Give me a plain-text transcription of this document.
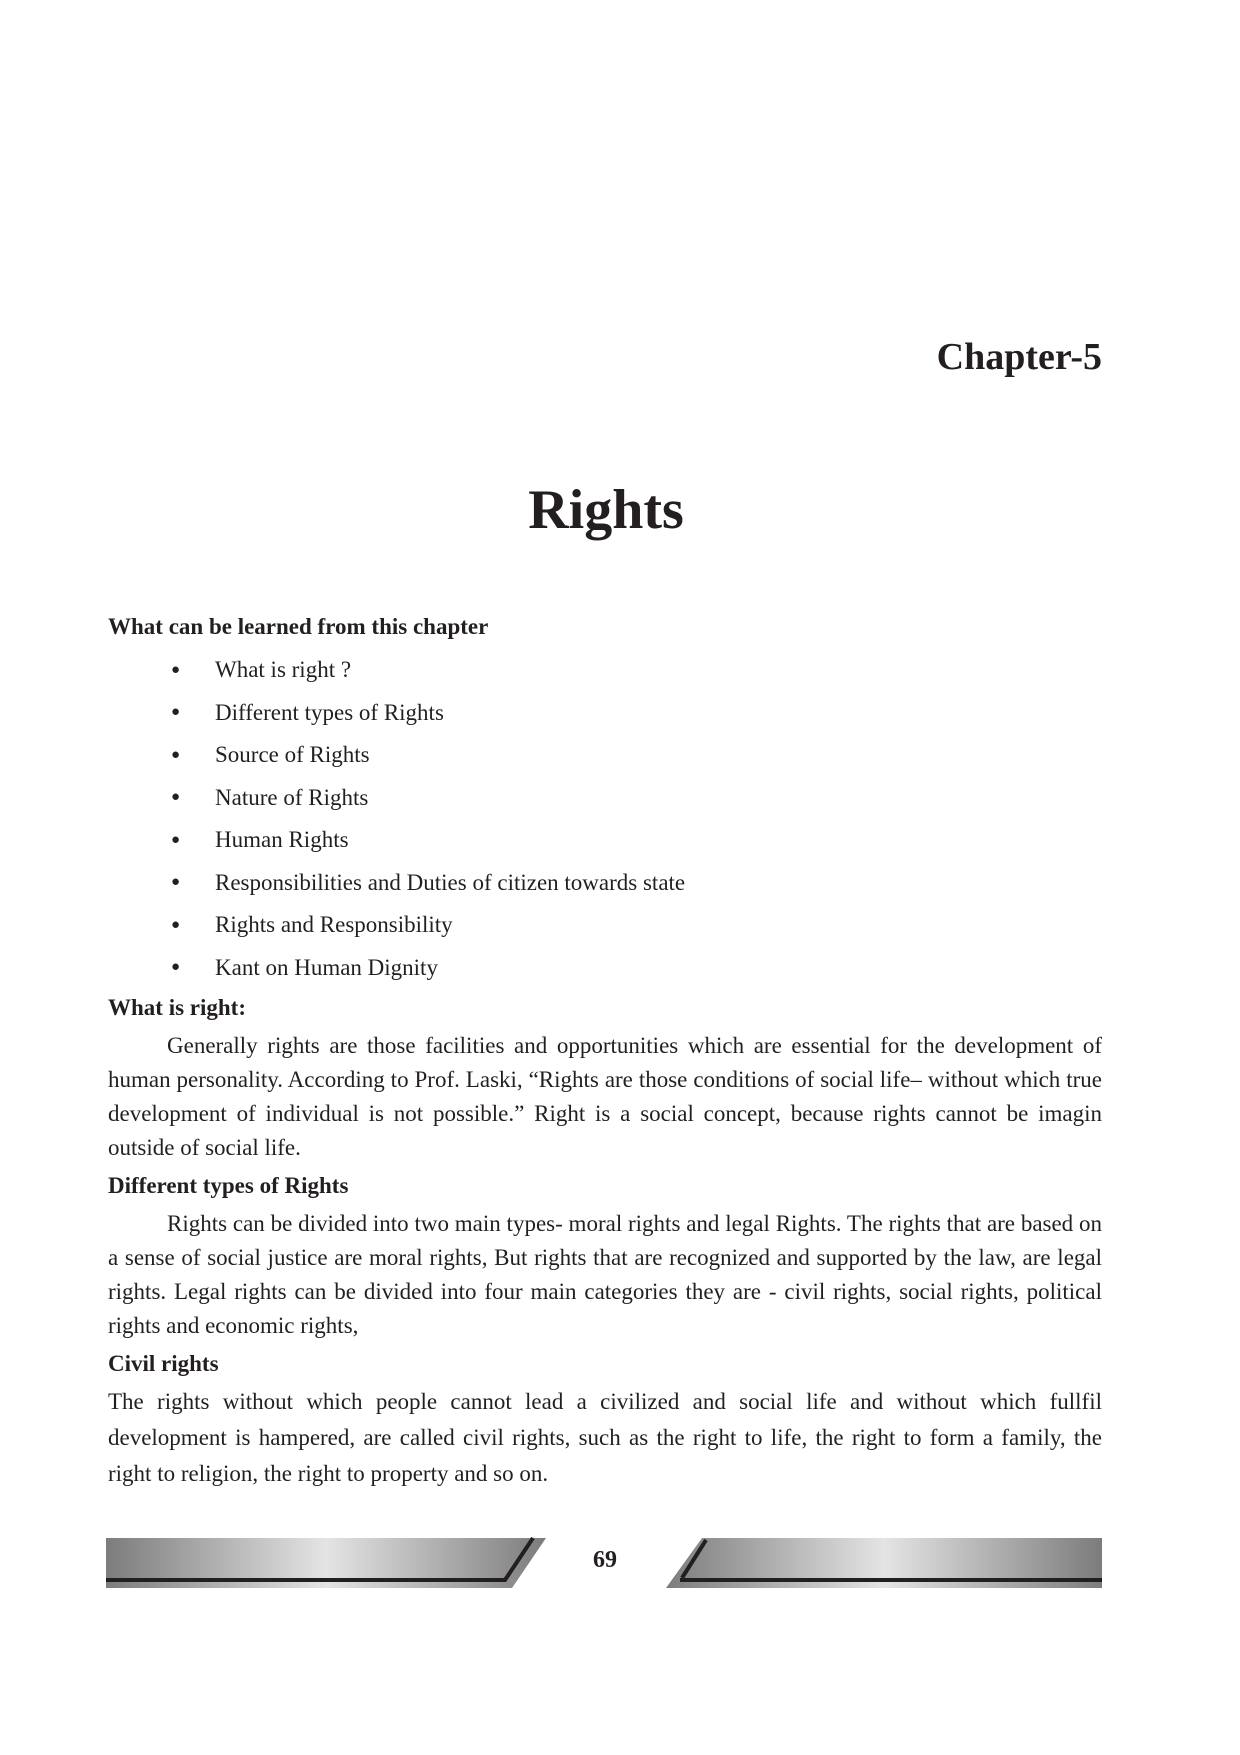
Chapter-5
Rights

What can be learned from this chapter

●	What is right ?
●	Different types of Rights
●	Source of Rights
●	Nature of Rights
●	Human Rights
●	Responsibilities and Duties of citizen towards state
●	Rights and Responsibility
●	Kant on Human Dignity

What is right:

Generally rights are those facilities and opportunities which are essential for the development of human personality. According to Prof. Laski, “Rights are those conditions of social life– without which true development of individual is not possible.” Right is a social concept, because rights cannot be imagin outside of social life.

Different types of Rights

Rights can be divided into two main types- moral rights and legal Rights. The rights that are based on a sense of social justice are moral rights, But rights that are recognized and supported by the law, are legal rights. Legal rights can be divided into four main categories they are - civil rights, social rights, political rights and economic rights,

Civil rights

The rights without which people cannot lead a civilized and social life and without which fullfil development is hampered, are called civil rights, such as the right to life, the right to form a family, the right to religion, the right to property and so on.

69
